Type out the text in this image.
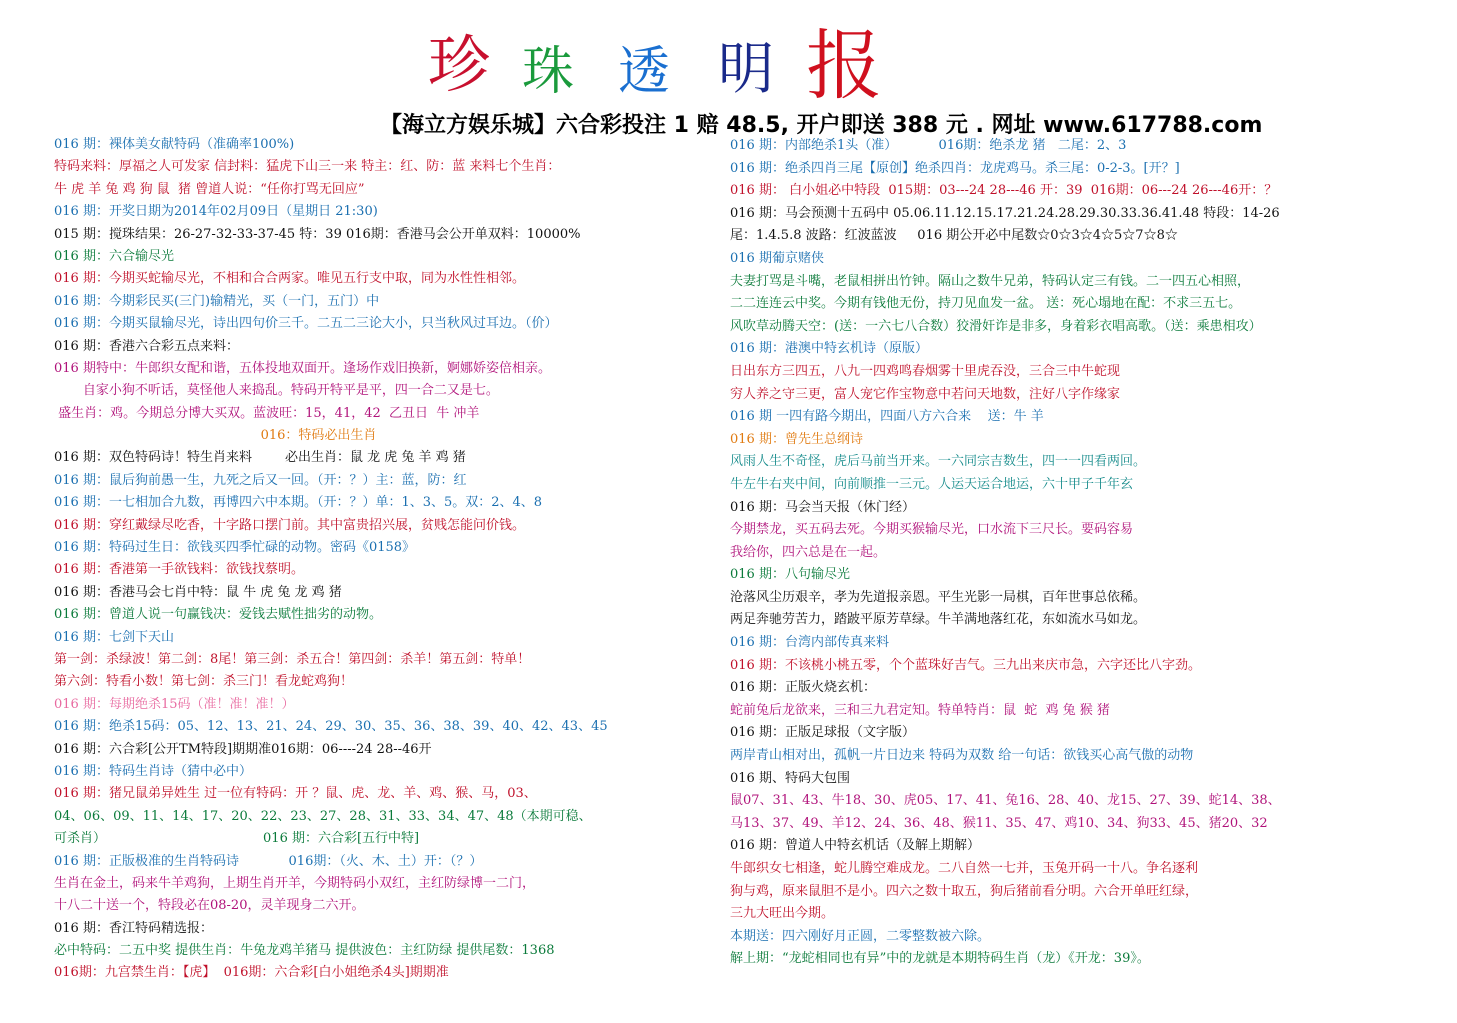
珍 珠 透 明 报
【海立方娱乐城】六合彩投注 1 赔 48.5, 开户即送 388 元 . 网址 www.617788.com
016 期：裸体美女献特码（准确率100%)
特码来料：厚福之人可发家 信封料：猛虎下山三一来 特主：红、防：蓝 来料七个生肖：
牛 虎 羊 兔 鸡 狗 鼠  猪 曾道人说：“任你打骂无回应”
016 期：开奖日期为2014年02月09日（星期日 21:30)
015 期：搅珠结果：26-27-32-33-37-45 特：39 016期：香港马会公开单双料：10000%
016 期：六合输尽光
016 期：今期买蛇输尽光，不相和合合两家。唯见五行支中取，同为水性性相邻。
016 期：今期彩民买(三门)输精光，买（一门，五门）中
016 期：今期买鼠输尽光，诗出四句价三千。二五二三论大小，只当秋风过耳边。（价）
016 期：香港六合彩五点来料：
016 期特中：牛郎织女配和谐，五体投地双面开。逢场作戏旧换新，婀娜娇姿倍相亲。
自家小狗不听话，莫怪他人来捣乱。特码开特平是平，四一合二又是七。
盛生肖：鸡。今期总分博大买双。蓝波旺：15，41，42  乙丑日  牛 冲羊
016：特码必出生肖
016 期：双色特码诗！特生肖来料        必出生肖：鼠 龙 虎 兔 羊 鸡 猪
016 期：鼠后狗前愚一生，九死之后又一回。（开：？）主：蓝，防：红
016 期：一七相加合九数，再博四六中本期。（开：？）单：1、3、5。双：2、4、8
016 期：穿红戴绿尽吃香，十字路口摆门前。其中富贵招兴展，贫贱怎能问价钱。
016 期：特码过生日：欲钱买四季忙碌的动物。密码《0158》
016 期：香港第一手欲钱料：欲钱找蔡明。
016 期：香港马会七肖中特：鼠 牛 虎 兔 龙 鸡 猪
016 期：曾道人说一句赢钱决：爱钱去赋性拙劣的动物。
016 期：七剑下天山
第一剑：杀绿波！第二剑：8尾！第三剑：杀五合！第四剑：杀羊！第五剑：特单！
第六剑：特看小数！第七剑：杀三门！看龙蛇鸡狗！
016 期：每期绝杀15码（准！准！准！）
016 期：绝杀15码：05、12、13、21、24、29、30、35、36、38、39、40、42、43、45
016 期：六合彩[公开TM特段]期期准016期：06----24 28--46开
016 期：特码生肖诗（猜中必中）
016 期：猪兄鼠弟异姓生 过一位有特码：开 ？鼠、虎、龙、羊、鸡、猴、马，03、
04、06、09、11、14、17、20、22、23、27、28、31、33、34、47、48（本期可稳、
可杀肖）                                      016 期：六合彩[五行中特]
016 期：正版极准的生肖特码诗            016期：（火、木、土）开：（？）
生肖在金土，码来牛羊鸡狗，上期生肖开羊，今期特码小双红，主红防绿博一二门，
十八二十送一个，特段必在08-20，灵羊现身二六开。
016 期：香江特码精选报：
必中特码：二五中奖 提供生肖：牛兔龙鸡羊猪马 提供波色：主红防绿 提供尾数：1368
016期：九宫禁生肖：【虎】  016期：六合彩[白小姐绝杀4头]期期准
016 期：内部绝杀1头（准）          016期：绝杀龙 猪   二尾：2、3
016 期：绝杀四肖三尾【原创】绝杀四肖：龙虎鸡马。杀三尾：0-2-3。[开？]
016 期： 白小姐必中特段  015期：03---24 28---46 开：39  016期：06---24 26---46开：？
016 期：马会预测十五码中 05.06.11.12.15.17.21.24.28.29.30.33.36.41.48 特段：14-26
尾：1.4.5.8 波路：红波蓝波     016 期公开必中尾数☆0☆3☆4☆5☆7☆8☆
016 期葡京赌侠
夫妻打骂是斗嘴，老鼠相拼出竹钟。隔山之数牛兄弟，特码认定三有钱。二一四五心相照，
二二连连云中奖。今期有钱他无份，持刀见血发一盆。 送：死心塌地在配：不求三五七。
风吹草动腾天空：(送：一六七八合数）狡滑奸诈是非多，身着彩衣唱高歌。（送：乘患相攻）
016 期：港澳中特玄机诗（原版）
日出东方三四五，八九一四鸡鸣春烟雾十里虎吞没，三合三中牛蛇现
穷人养之守三更，富人宠它作宝物意中若问天地数，注好八字作缘家
016 期 一四有路今期出，四面八方六合来    送：牛 羊
016 期：曾先生总纲诗
风雨人生不奇怪，虎后马前当开来。一六同宗吉数生，四一一四看两回。
牛左牛右夹中间，向前顺推一三元。人运天运合地运，六十甲子千年玄
016 期：马会当天报（休门经）
今期禁龙，买五码去死。今期买猴输尽光，口水流下三尺长。要码容易
我给你，四六总是在一起。
016 期：八句输尽光
沧落风尘历艰辛，孝为先道报亲恩。平生光影一局棋，百年世事总依稀。
两足奔驰劳苦力，踏跛平原芳草绿。牛羊满地落红花，东如流水马如龙。
016 期：台湾内部传真来料
016 期：不该桃小桃五零，个个蓝珠好吉气。三九出来庆市急，六字还比八字劲。
016 期：正版火烧玄机：
蛇前兔后龙欲来，三和三九君定知。特单特肖：鼠  蛇  鸡 兔 猴 猪
016 期：正版足球报（文字版）
两岸青山相对出，孤帆一片日边来 特码为双数 给一句话：欲钱买心高气傲的动物
016 期、特码大包围
鼠07、31、43、牛18、30、虎05、17、41、兔16、28、40、龙15、27、39、蛇14、38、
马13、37、49、羊12、24、36、48、猴11、35、47、鸡10、34、狗33、45、猪20、32
016 期：曾道人中特玄机话（及解上期解）
牛郎织女七相逢，蛇儿腾空难成龙。二八自然一七并，玉兔开码一十八。争名逐利
狗与鸡，原来鼠胆不是小。四六之数十取五，狗后猪前看分明。六合开单旺红绿，
三九大旺出今期。
本期送：四六刚好月正圆，二零整数被六除。
解上期：“龙蛇相同也有异”中的龙就是本期特码生肖（龙）《开龙：39》。
